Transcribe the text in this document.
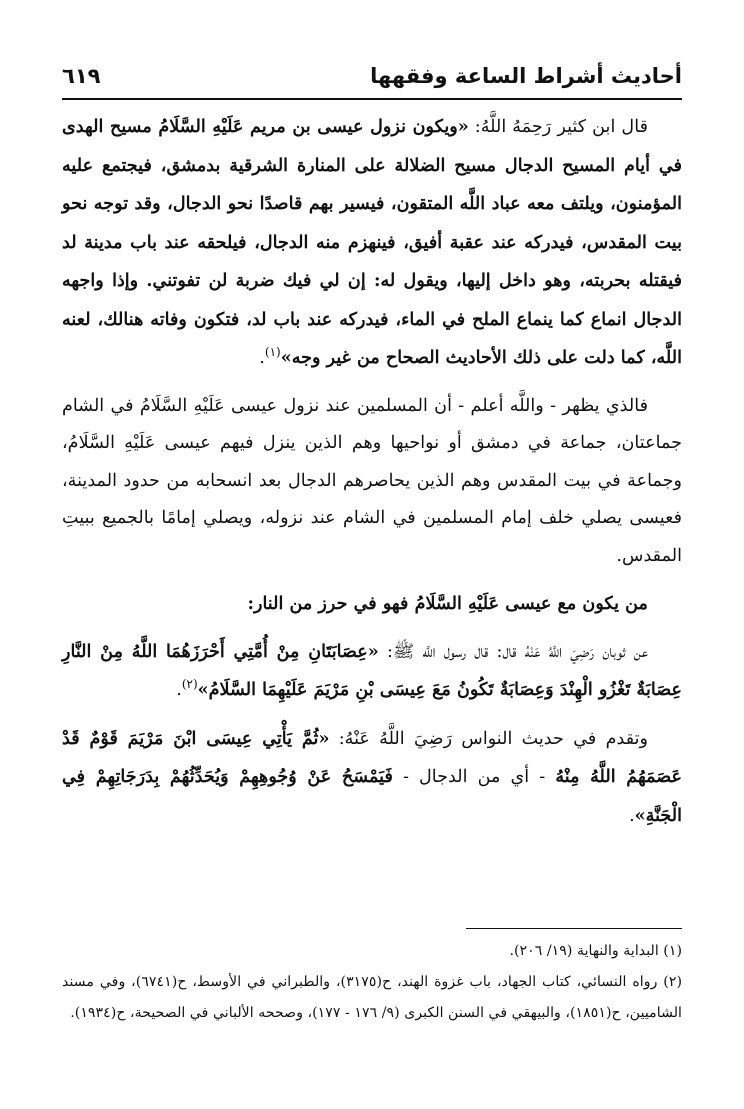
أحاديث أشراط الساعة وفقهها
٦١٩

قال ابن كثير رَحِمَهُ اللَّهُ: «ويكون نزول عيسى بن مريم عَلَيْهِ السَّلَامُ مسيح الهدى في أيام المسيح الدجال مسيح الضلالة على المنارة الشرقية بدمشق، فيجتمع عليه المؤمنون، ويلتف معه عباد اللَّه المتقون، فيسير بهم قاصدًا نحو الدجال، وقد توجه نحو بيت المقدس، فيدركه عند عقبة أفيق، فينهزم منه الدجال، فيلحقه عند باب مدينة لد فيقتله بحربته، وهو داخل إليها، ويقول له: إن لي فيك ضربة لن تفوتني. وإذا واجهه الدجال انماع كما ينماع الملح في الماء، فيدركه عند باب لد، فتكون وفاته هنالك، لعنه اللَّه، كما دلت على ذلك الأحاديث الصحاح من غير وجه»$^{(١)}$.

فالذي يظهر - واللَّه أعلم - أن المسلمين عند نزول عيسى عَلَيْهِ السَّلَامُ في الشام جماعتان، جماعة في دمشق أو نواحيها وهم الذين ينزل فيهم عيسى عَلَيْهِ السَّلَامُ، وجماعة في بيت المقدس وهم الذين يحاصرهم الدجال بعد انسحابه من حدود المدينة، فعيسى يصلي خلف إمام المسلمين في الشام عند نزوله، ويصلي إمامًا بالجميع ببيتِ المقدس.

من يكون مع عيسى عَلَيْهِ السَّلَامُ فهو في حرز من النار:

عن ثوبان رَضِيَ اللَّهُ عَنْهُ قال: قال رسول اللَّه ﷺ: «عِصَابَتَانِ مِنْ أُمَّتِي أَحْرَزَهُمَا اللَّهُ مِنْ النَّارِ عِصَابَةٌ تَغْزُو الْهِنْدَ وَعِصَابَةٌ تَكُونُ مَعَ عِيسَى بْنِ مَرْيَمَ عَلَيْهِمَا السَّلَامُ»$^{(٢)}$.

وتقدم في حديث النواس رَضِيَ اللَّهُ عَنْهُ: «ثُمَّ يَأْتِي عِيسَى ابْنَ مَرْيَمَ قَوْمٌ قَدْ عَصَمَهُمُ اللَّهُ مِنْهُ - أي من الدجال - فَيَمْسَحُ عَنْ وُجُوهِهِمْ وَيُحَدِّثُهُمْ بِدَرَجَاتِهِمْ فِي الْجَنَّةِ».

(١) البداية والنهاية (١٩/ ٢٠٦).

(٢) رواه النسائي، كتاب الجهاد، باب غزوة الهند، ح(٣١٧٥)، والطبراني في الأوسط، ح(٦٧٤١)، وفي مسند الشاميين، ح(١٨٥١)، والبيهقي في السنن الكبرى (٩/ ١٧٦ - ١٧٧)، وصححه الألباني في الصحيحة، ح(١٩٣٤).
